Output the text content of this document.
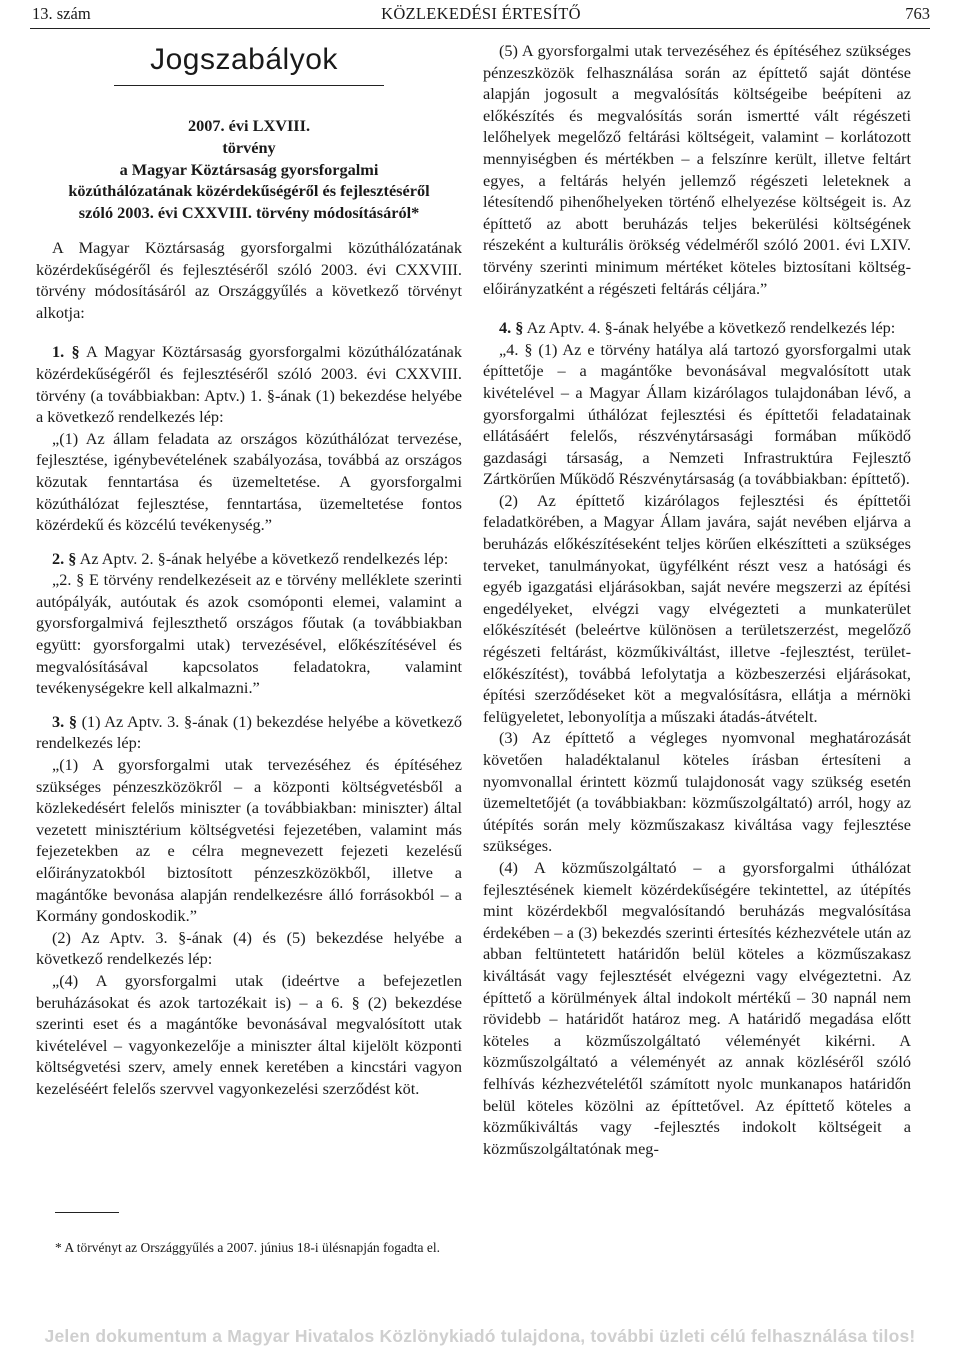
13. szám	KÖZLEKEDÉSI ÉRTESÍTŐ	763
Jogszabályok
2007. évi LXVIII.
törvény
a Magyar Köztársaság gyorsforgalmi
közúthálózatának közérdekűségéről és fejlesztéséről
szóló 2003. évi CXXVIII. törvény módosításáról*

A Magyar Köztársaság gyorsforgalmi közúthálózatának közérdekűségéről és fejlesztéséről szóló 2003. évi CXXVIII. törvény módosításáról az Országgyűlés a következő törvényt alkotja:

1. § A Magyar Köztársaság gyorsforgalmi közúthálózatának közérdekűségéről és fejlesztéséről szóló 2003. évi CXXVIII. törvény (a továbbiakban: Aptv.) 1. §-ának (1) bekezdése helyébe a következő rendelkezés lép:

„(1) Az állam feladata az országos közúthálózat tervezése, fejlesztése, igénybevételének szabályozása, továbbá az országos közutak fenntartása és üzemeltetése. A gyorsforgalmi közúthálózat fejlesztése, fenntartása, üzemeltetése fontos közérdekű és közcélú tevékenység.”

2. § Az Aptv. 2. §-ának helyébe a következő rendelkezés lép:

„2. § E törvény rendelkezéseit az e törvény melléklete szerinti autópályák, autóutak és azok csomóponti elemei, valamint a gyorsforgalmivá fejleszthető országos főutak (a továbbiakban együtt: gyorsforgalmi utak) tervezésével, előkészítésével és megvalósításával kapcsolatos feladatokra, valamint tevékenységekre kell alkalmazni.”

3. § (1) Az Aptv. 3. §-ának (1) bekezdése helyébe a következő rendelkezés lép:

„(1) A gyorsforgalmi utak tervezéséhez és építéséhez szükséges pénzeszközökről – a központi költségvetésből a közlekedésért felelős miniszter (a továbbiakban: miniszter) által vezetett minisztérium költségvetési fejezetében, valamint más fejezetekben az e célra megnevezett fejezeti kezelésű előirányzatokból biztosított pénzeszközökből, illetve a magántőke bevonása alapján rendelkezésre álló forrásokból – a Kormány gondoskodik.”

(2) Az Aptv. 3. §-ának (4) és (5) bekezdése helyébe a következő rendelkezés lép:

„(4) A gyorsforgalmi utak (ideértve a befejezetlen beruházásokat és azok tartozékait is) – a 6. § (2) bekezdése szerinti eset és a magántőke bevonásával megvalósított utak kivételével – vagyonkezelője a miniszter által kijelölt központi költségvetési szerv, amely ennek keretében a kincstári vagyon kezeléséért felelős szervvel vagyonkezelési szerződést köt.

* A törvényt az Országgyűlés a 2007. június 18-i ülésnapján fogadta el.

(5) A gyorsforgalmi utak tervezéséhez és építéséhez szükséges pénzeszközök felhasználása során az építtető saját döntése alapján jogosult a megvalósítás költségeibe beépíteni az előkészítés és megvalósítás során ismertté vált régészeti lelőhelyek megelőző feltárási költségeit, valamint – korlátozott mennyiségben és mértékben – a felszínre került, illetve feltárt egyes, a feltárás helyén jellemző régészeti leleteknek a létesítendő pihenőhelyeken történő elhelyezése költségeit is. Az építtető az abott beruházás teljes bekerülési költségének részeként a kulturális örökség védelméről szóló 2001. évi LXIV. törvény szerinti minimum mértéket köteles biztosítani költség-előirányzatként a régészeti feltárás céljára.”

4. § Az Aptv. 4. §-ának helyébe a következő rendelkezés lép:

„4. § (1) Az e törvény hatálya alá tartozó gyorsforgalmi utak építtetője – a magántőke bevonásával megvalósított utak kivételével – a Magyar Állam kizárólagos tulajdonában lévő, a gyorsforgalmi úthálózat fejlesztési és építtetői feladatainak ellátásáért felelős, részvénytársasági formában működő gazdasági társaság, a Nemzeti Infrastruktúra Fejlesztő Zártkörűen Működő Részvénytársaság (a továbbiakban: építtető).

(2) Az építtető kizárólagos fejlesztési és építtetői feladatkörében, a Magyar Állam javára, saját nevében eljárva a beruházás előkészítéseként teljes körűen elkészítteti a szükséges terveket, tanulmányokat, ügyfélként részt vesz a hatósági és egyéb igazgatási eljárásokban, saját nevére megszerzi az építési engedélyeket, elvégzi vagy elvégezteti a munkaterület előkészítését (beleértve különösen a területszerzést, megelőző régészeti feltárást, közműkiváltást, illetve -fejlesztést, terület-előkészítést), továbbá lefolytatja a közbeszerzési eljárásokat, építési szerződéseket köt a megvalósításra, ellátja a mérnöki felügyeletet, lebonyolítja a műszaki átadás-átvételt.

(3) Az építtető a végleges nyomvonal meghatározását követően haladéktalanul köteles írásban értesíteni a nyomvonallal érintett közmű tulajdonosát vagy szükség esetén üzemeltetőjét (a továbbiakban: közműszolgáltató) arról, hogy az útépítés során mely közműszakasz kiváltása vagy fejlesztése szükséges.

(4) A közműszolgáltató – a gyorsforgalmi úthálózat fejlesztésének kiemelt közérdekűségére tekintettel, az útépítés mint közérdekből megvalósítandó beruházás megvalósítása érdekében – a (3) bekezdés szerinti értesítés kézhezvétele után az abban feltüntetett határidőn belül köteles a közműszakasz kiváltását vagy fejlesztését elvégezni vagy elvégeztetni. Az építtető a körülmények által indokolt mértékű – 30 napnál nem rövidebb – határidőt határoz meg. A határidő megadása előtt köteles a közműszolgáltató véleményét kikérni. A közműszolgáltató a véleményét az annak közléséről szóló felhívás kézhezvételétől számított nyolc munkanapos határidőn belül köteles közölni az építtetővel. Az építtető köteles a közműkiváltás vagy -fejlesztés indokolt költségeit a közműszolgáltatónak meg-

Jelen dokumentum a Magyar Hivatalos Közlönykiadó tulajdona, további üzleti célú felhasználása tilos!
